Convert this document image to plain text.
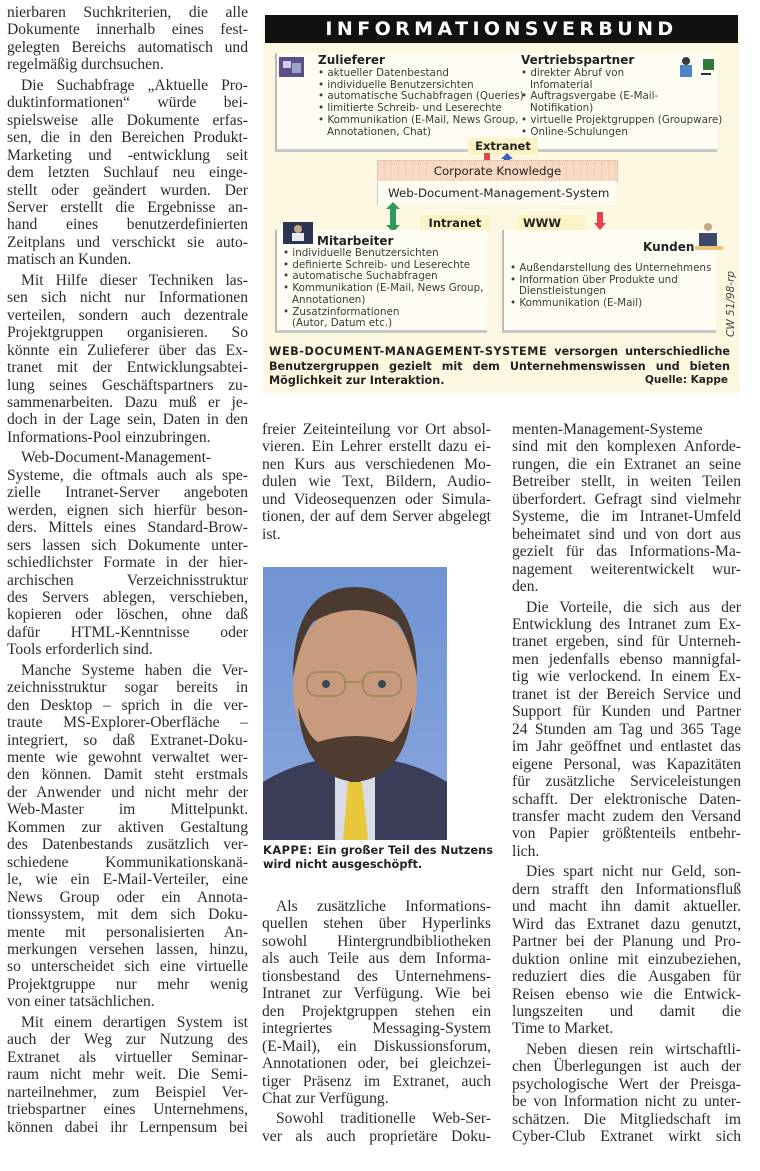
INFORMATIONSVERBUND
Zulieferer
• aktueller Datenbestand
• individuelle Benutzersichten
• automatische Suchabfragen (Queries)
• limitierte Schreib- und Leserechte
• Kommunikation (E-Mail, News Group, Annotationen, Chat)
Vertriebspartner
• direkter Abruf von Infomaterial
• Auftragsvergabe (E-Mail-Notifikation)
• virtuelle Projektgruppen (Groupware)
• Online-Schulungen
Extranet
Corporate Knowledge
Web-Document-Management-System
Intranet	WWW
Mitarbeiter
• individuelle Benutzersichten
• definierte Schreib- und Leserechte
• automatische Suchabfragen
• Kommunikation (E-Mail, News Group, Annotationen)
• Zusatzinformationen (Autor, Datum etc.)
Kunden
• Außendarstellung des Unternehmens
• Information über Produkte und Dienstleistungen
• Kommunikation (E-Mail)	CW 51/98-rp
WEB-DOCUMENT-MANAGEMENT-SYSTEME versorgen unterschiedliche Benutzergruppen gezielt mit dem Unternehmenswissen und bieten Möglichkeit zur Interaktion.	Quelle: Kappe
nierbaren Suchkriterien, die alle
Dokumente innerhalb eines fest-
gelegten Bereichs automatisch und
regelmäßig durchsuchen.
Die Suchabfrage „Aktuelle Pro-
duktinformationen“ würde bei-
spielsweise alle Dokumente erfas-
sen, die in den Bereichen Produkt-
Marketing und -entwicklung seit
dem letzten Suchlauf neu einge-
stellt oder geändert wurden. Der
Server erstellt die Ergebnisse an-
hand eines benutzerdefinierten
Zeitplans und verschickt sie auto-
matisch an Kunden.
Mit Hilfe dieser Techniken las-
sen sich nicht nur Informationen
verteilen, sondern auch dezentrale
Projektgruppen organisieren. So
könnte ein Zulieferer über das Ex-
tranet mit der Entwicklungsabtei-
lung seines Geschäftspartners zu-
sammenarbeiten. Dazu muß er je-
doch in der Lage sein, Daten in den
Informations-Pool einzubringen.
Web-Document-Management-
Systeme, die oftmals auch als spe-
zielle Intranet-Server angeboten
werden, eignen sich hierfür beson-
ders. Mittels eines Standard-Brow-
sers lassen sich Dokumente unter-
schiedlichster Formate in der hier-
archischen Verzeichnisstruktur
des Servers ablegen, verschieben,
kopieren oder löschen, ohne daß
dafür HTML-Kenntnisse oder
Tools erforderlich sind.
Manche Systeme haben die Ver-
zeichnisstruktur sogar bereits in
den Desktop – sprich in die ver-
traute MS-Explorer-Oberfläche –
integriert, so daß Extranet-Doku-
mente wie gewohnt verwaltet wer-
den können. Damit steht erstmals
der Anwender und nicht mehr der
Web-Master im Mittelpunkt.
Kommen zur aktiven Gestaltung
des Datenbestands zusätzlich ver-
schiedene Kommunikationskanä-
le, wie ein E-Mail-Verteiler, eine
News Group oder ein Annota-
tionssystem, mit dem sich Doku-
mente mit personalisierten An-
merkungen versehen lassen, hinzu,
so unterscheidet sich eine virtuelle
Projektgruppe nur mehr wenig
von einer tatsächlichen.
Mit einem derartigen System ist
auch der Weg zur Nutzung des
Extranet als virtueller Seminar-
raum nicht mehr weit. Die Semi-
narteilnehmer, zum Beispiel Ver-
triebspartner eines Unternehmens,
können dabei ihr Lernpensum bei
freier Zeiteinteilung vor Ort absol-
vieren. Ein Lehrer erstellt dazu ei-
nen Kurs aus verschiedenen Mo-
dulen wie Text, Bildern, Audio-
und Videosequenzen oder Simula-
tionen, der auf dem Server abgelegt
ist.
Als zusätzliche Informations-
quellen stehen über Hyperlinks
sowohl Hintergrundbibliotheken
als auch Teile aus dem Informa-
tionsbestand des Unternehmens-
Intranet zur Verfügung. Wie bei
den Projektgruppen stehen ein
integriertes Messaging-System
(E-Mail), ein Diskussionsforum,
Annotationen oder, bei gleichzei-
tiger Präsenz im Extranet, auch
Chat zur Verfügung.
Sowohl traditionelle Web-Ser-
ver als auch proprietäre Doku-
menten-Management-Systeme
sind mit den komplexen Anforde-
rungen, die ein Extranet an seine
Betreiber stellt, in weiten Teilen
überfordert. Gefragt sind vielmehr
Systeme, die im Intranet-Umfeld
beheimatet sind und von dort aus
gezielt für das Informations-Ma-
nagement weiterentwickelt wur-
den.
Die Vorteile, die sich aus der
Entwicklung des Intranet zum Ex-
tranet ergeben, sind für Unterneh-
men jedenfalls ebenso mannigfal-
tig wie verlockend. In einem Ex-
tranet ist der Bereich Service und
Support für Kunden und Partner
24 Stunden am Tag und 365 Tage
im Jahr geöffnet und entlastet das
eigene Personal, was Kapazitäten
für zusätzliche Serviceleistungen
schafft. Der elektronische Daten-
transfer macht zudem den Versand
von Papier größtenteils entbehr-
lich.
Dies spart nicht nur Geld, son-
dern strafft den Informationsfluß
und macht ihn damit aktueller.
Wird das Extranet dazu genutzt,
Partner bei der Planung und Pro-
duktion online mit einzubeziehen,
reduziert dies die Ausgaben für
Reisen ebenso wie die Entwick-
lungszeiten und damit die
Time to Market.
Neben diesen rein wirtschaftli-
chen Überlegungen ist auch der
psychologische Wert der Preisga-
be von Information nicht zu unter-
schätzen. Die Mitgliedschaft im
Cyber-Club Extranet wirkt sich
KAPPE: Ein großer Teil des Nutzens wird nicht ausgeschöpft.
